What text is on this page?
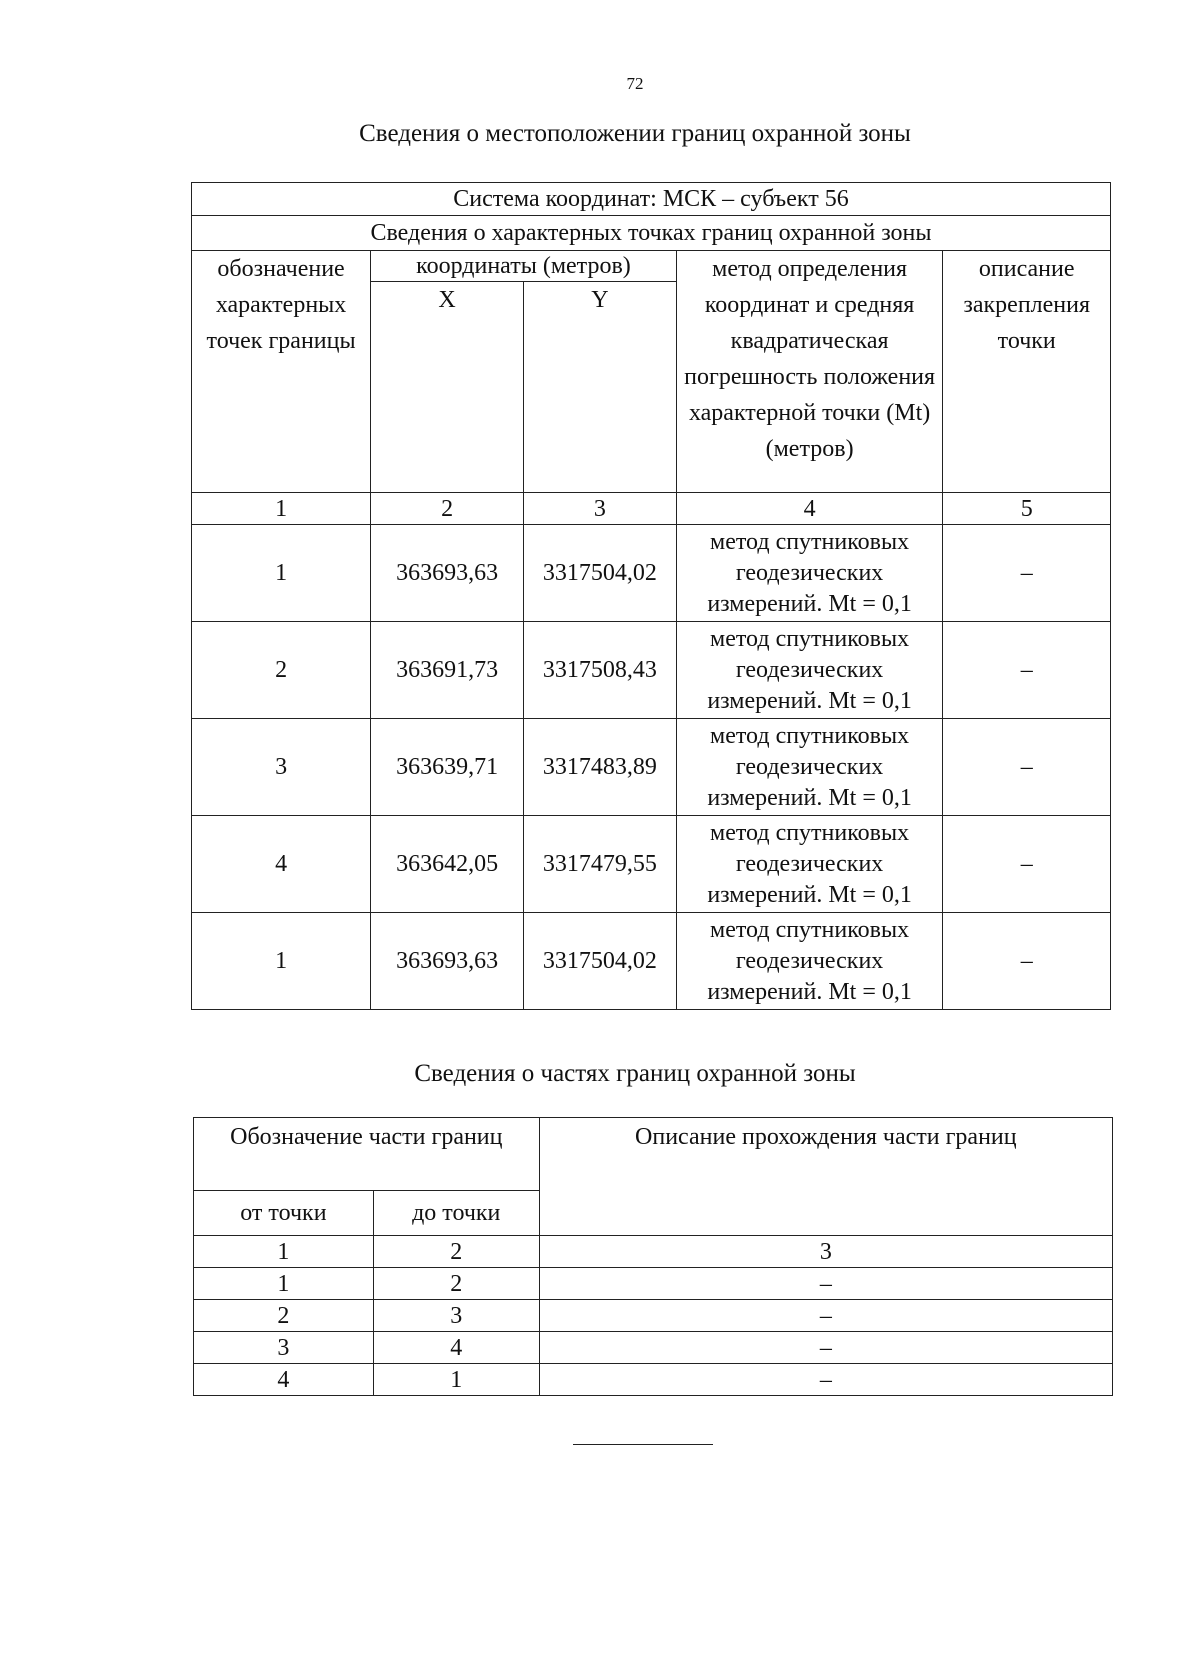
72
Сведения о местоположении границ охранной зоны
Система координат: МСК – субъект 56				
Сведения о характерных точках границ охранной зоны				
обозначение характерных точек границы	координаты (метров)		метод определения координат и средняя квадратическая погрешность положения характерной точки (Mt) (метров)	описание закрепления точки
	X	Y		
1	2	3	4	5
1	363693,63	3317504,02	метод спутниковых геодезических измерений. Mt = 0,1	–
2	363691,73	3317508,43	метод спутниковых геодезических измерений. Mt = 0,1	–
3	363639,71	3317483,89	метод спутниковых геодезических измерений. Mt = 0,1	–
4	363642,05	3317479,55	метод спутниковых геодезических измерений. Mt = 0,1	–
1	363693,63	3317504,02	метод спутниковых геодезических измерений. Mt = 0,1	–
Сведения о частях границ охранной зоны
Обозначение части границ		Описание прохождения части границ
от точки	до точки	
1	2	3
1	2	–
2	3	–
3	4	–
4	1	–
